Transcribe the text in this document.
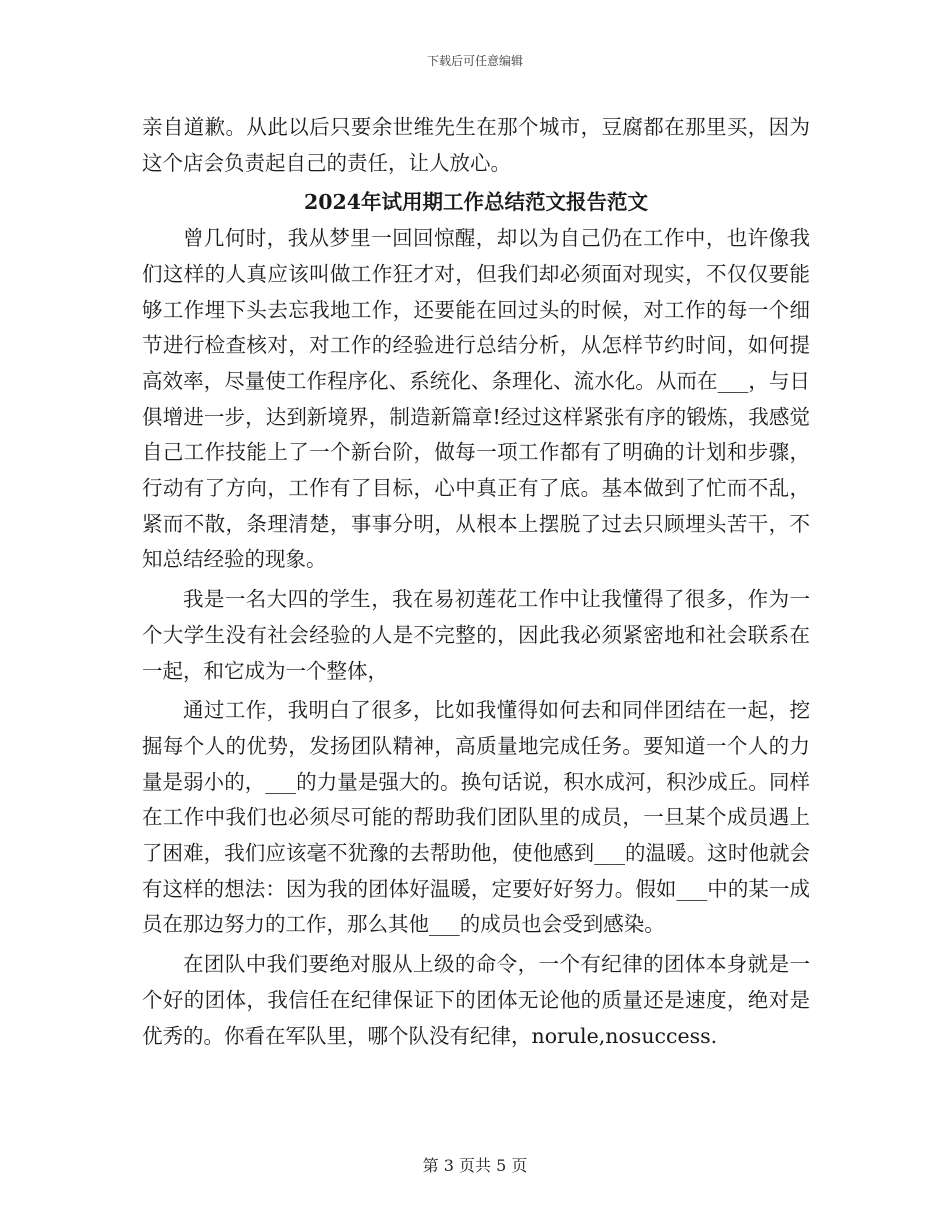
下载后可任意编辑

亲自道歉。从此以后只要余世维先生在那个城市，豆腐都在那里买，因为这个店会负责起自己的责任，让人放心。

2024年试用期工作总结范文报告范文

曾几何时，我从梦里一回回惊醒，却以为自己仍在工作中，也许像我们这样的人真应该叫做工作狂才对，但我们却必须面对现实，不仅仅要能够工作埋下头去忘我地工作，还要能在回过头的时候，对工作的每一个细节进行检查核对，对工作的经验进行总结分析，从怎样节约时间，如何提高效率，尽量使工作程序化、系统化、条理化、流水化。从而在___，与日俱增进一步，达到新境界，制造新篇章!经过这样紧张有序的锻炼，我感觉自己工作技能上了一个新台阶，做每一项工作都有了明确的计划和步骤，行动有了方向，工作有了目标，心中真正有了底。基本做到了忙而不乱，紧而不散，条理清楚，事事分明，从根本上摆脱了过去只顾埋头苦干，不知总结经验的现象。

我是一名大四的学生，我在易初莲花工作中让我懂得了很多，作为一个大学生没有社会经验的人是不完整的，因此我必须紧密地和社会联系在一起，和它成为一个整体，

通过工作，我明白了很多，比如我懂得如何去和同伴团结在一起，挖掘每个人的优势，发扬团队精神，高质量地完成任务。要知道一个人的力量是弱小的，___的力量是强大的。换句话说，积水成河，积沙成丘。同样在工作中我们也必须尽可能的帮助我们团队里的成员，一旦某个成员遇上了困难，我们应该毫不犹豫的去帮助他，使他感到___的温暖。这时他就会有这样的想法：因为我的团体好温暖，定要好好努力。假如___中的某一成员在那边努力的工作，那么其他___的成员也会受到感染。

在团队中我们要绝对服从上级的命令，一个有纪律的团体本身就是一个好的团体，我信任在纪律保证下的团体无论他的质量还是速度，绝对是优秀的。你看在军队里，哪个队没有纪律，norule,nosuccess.

第 3 页共 5 页
